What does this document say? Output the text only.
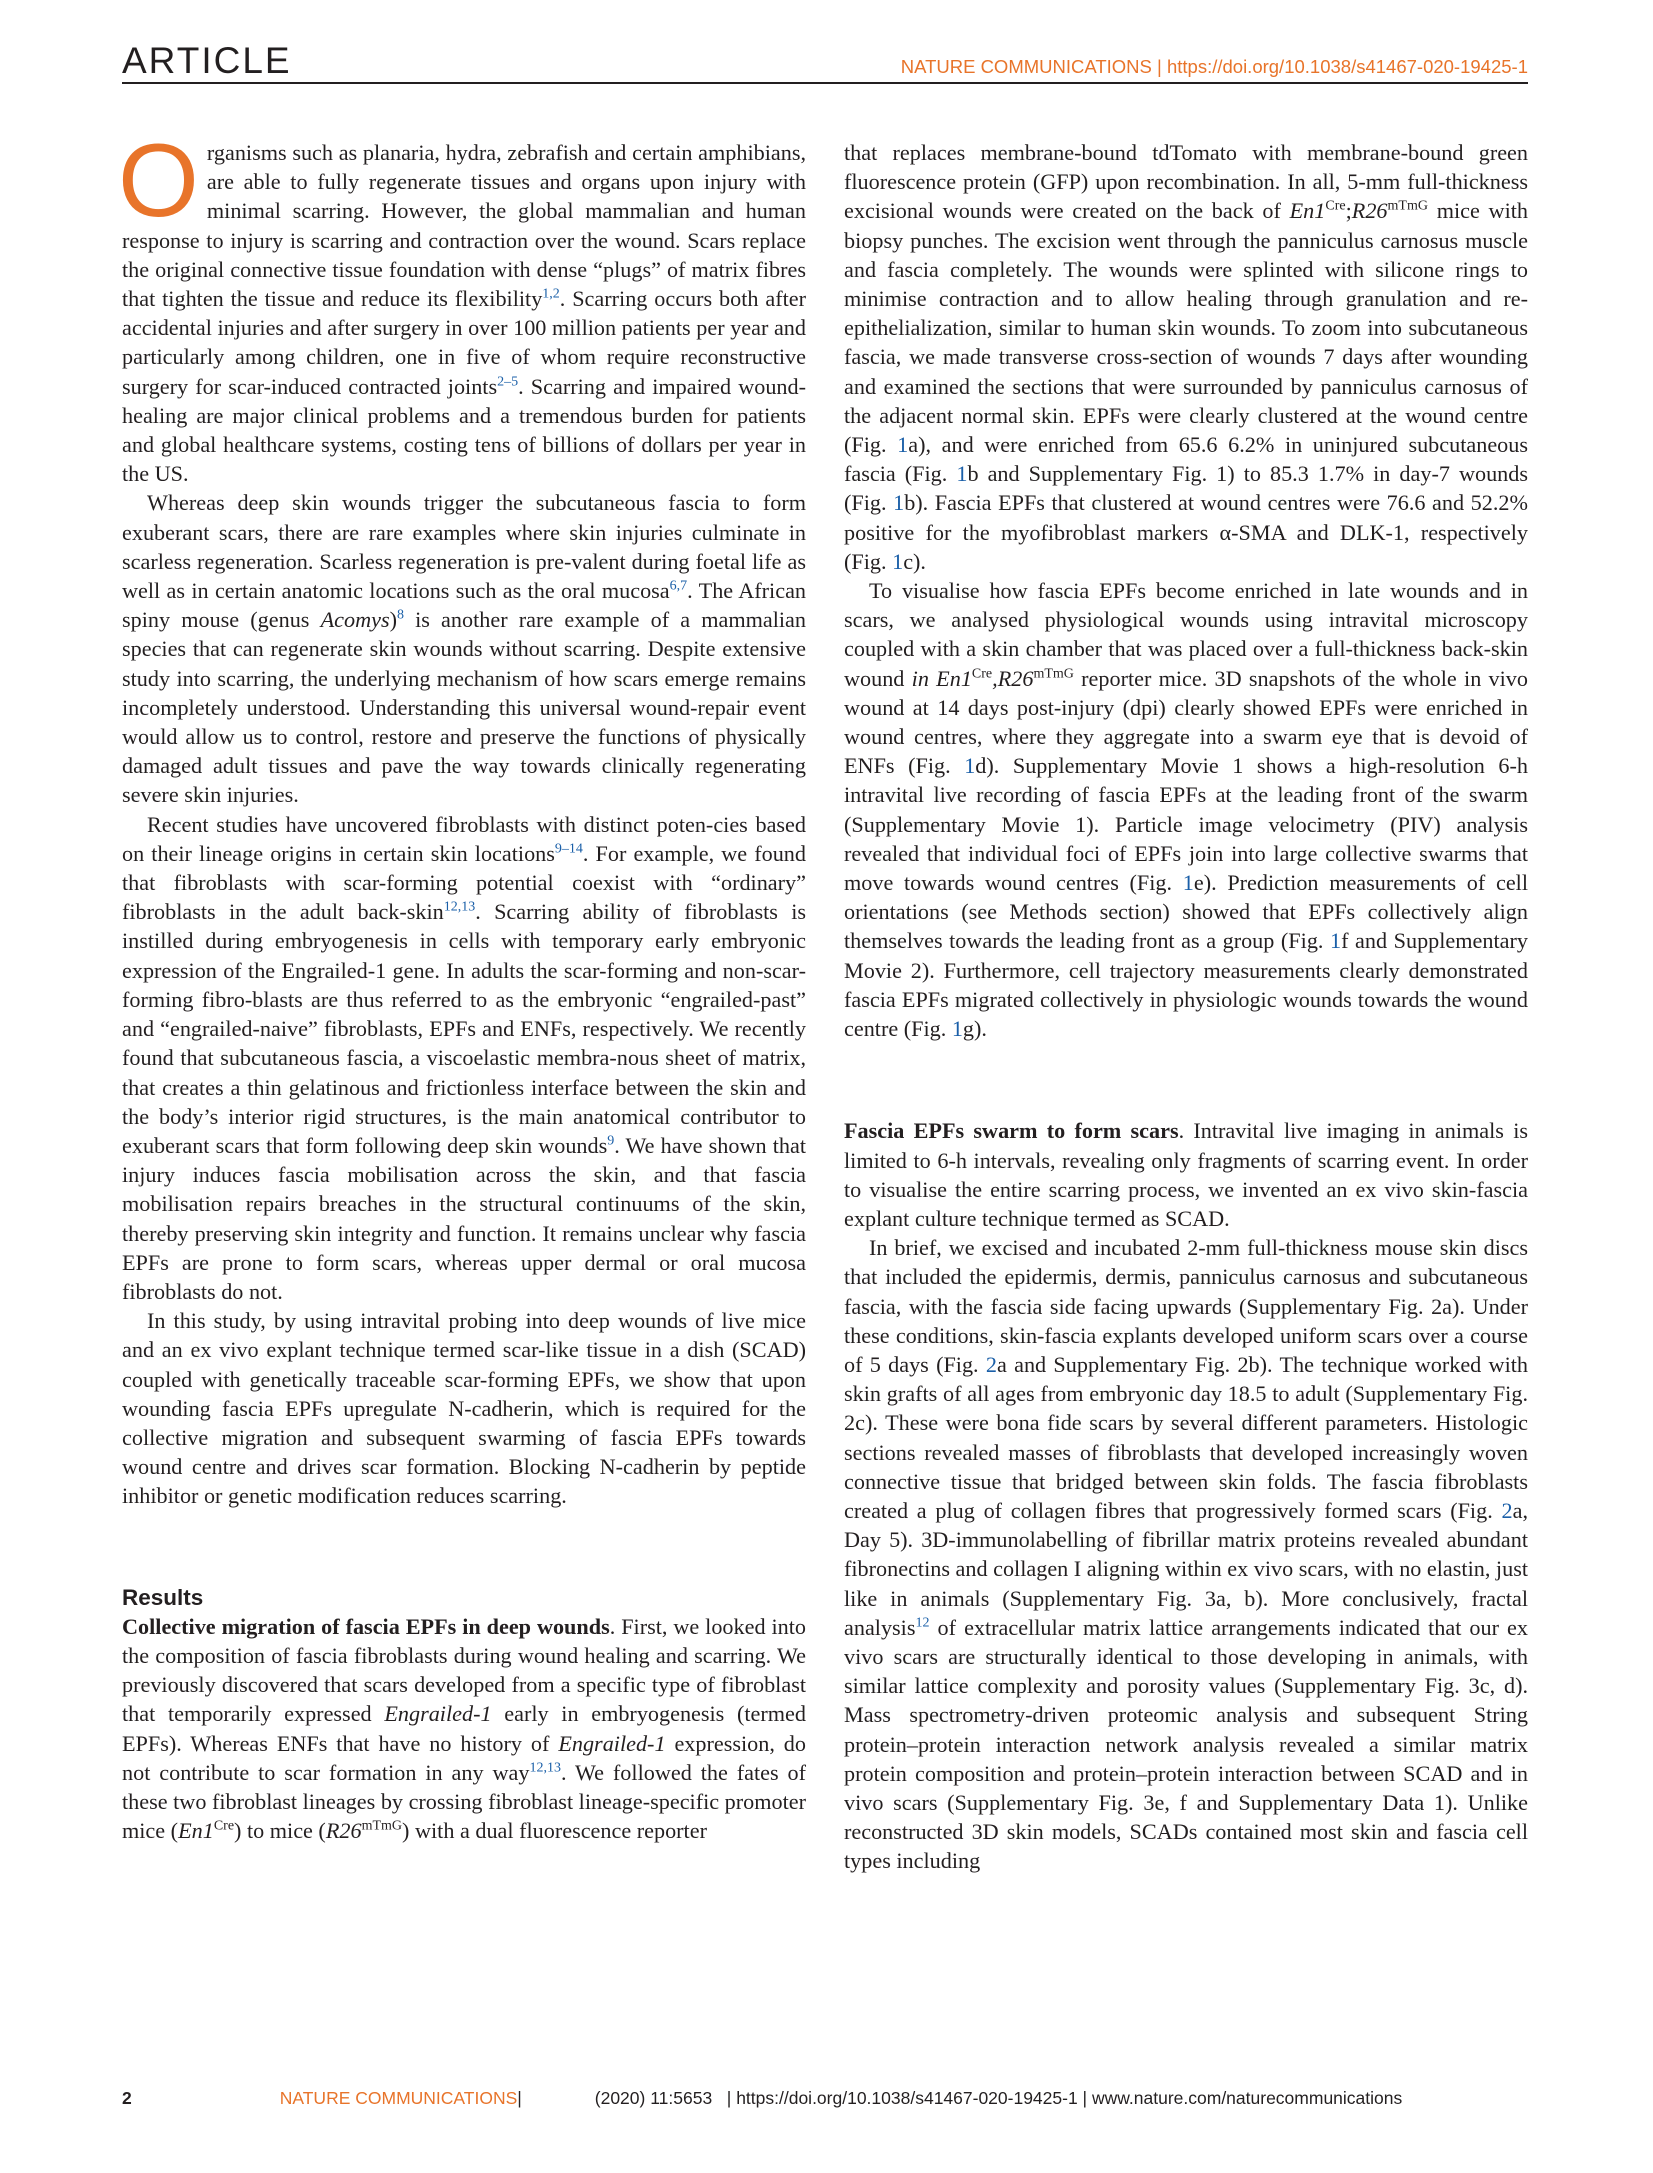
ARTICLE	NATURE COMMUNICATIONS | https://doi.org/10.1038/s41467-020-19425-1

Organisms such as planaria, hydra, zebrafish and certain amphibians, are able to fully regenerate tissues and organs upon injury with minimal scarring. However, the global mammalian and human response to injury is scarring and contraction over the wound. Scars replace the original connective tissue foundation with dense “plugs” of matrix fibres that tighten the tissue and reduce its flexibility$^{1,2}$. Scarring occurs both after accidental injuries and after surgery in over 100 million patients per year and particularly among children, one in five of whom require reconstructive surgery for scar-induced contracted joints$^{2-5}$. Scarring and impaired wound-healing are major clinical problems and a tremendous burden for patients and global healthcare systems, costing tens of billions of dollars per year in the US.

Whereas deep skin wounds trigger the subcutaneous fascia to form exuberant scars, there are rare examples where skin injuries culminate in scarless regeneration. Scarless regeneration is pre-valent during foetal life as well as in certain anatomic locations such as the oral mucosa$^{6,7}$. The African spiny mouse (genus Acomys)$^8$ is another rare example of a mammalian species that can regenerate skin wounds without scarring. Despite extensive study into scarring, the underlying mechanism of how scars emerge remains incompletely understood. Understanding this universal wound-repair event would allow us to control, restore and preserve the functions of physically damaged adult tissues and pave the way towards clinically regenerating severe skin injuries.

Recent studies have uncovered fibroblasts with distinct poten-cies based on their lineage origins in certain skin locations$^{9-14}$. For example, we found that fibroblasts with scar-forming potential coexist with “ordinary” fibroblasts in the adult back-skin$^{12,13}$. Scarring ability of fibroblasts is instilled during embryogenesis in cells with temporary early embryonic expression of the Engrailed-1 gene. In adults the scar-forming and non-scar-forming fibro-blasts are thus referred to as the embryonic “engrailed-past” and “engrailed-naive” fibroblasts, EPFs and ENFs, respectively. We recently found that subcutaneous fascia, a viscoelastic membra-nous sheet of matrix, that creates a thin gelatinous and frictionless interface between the skin and the body’s interior rigid structures, is the main anatomical contributor to exuberant scars that form following deep skin wounds$^9$. We have shown that injury induces fascia mobilisation across the skin, and that fascia mobilisation repairs breaches in the structural continuums of the skin, thereby preserving skin integrity and function. It remains unclear why fascia EPFs are prone to form scars, whereas upper dermal or oral mucosa fibroblasts do not.

In this study, by using intravital probing into deep wounds of live mice and an ex vivo explant technique termed scar-like tissue in a dish (SCAD) coupled with genetically traceable scar-forming EPFs, we show that upon wounding fascia EPFs upregulate N-cadherin, which is required for the collective migration and subsequent swarming of fascia EPFs towards wound centre and drives scar formation. Blocking N-cadherin by peptide inhibitor or genetic modification reduces scarring.

Results

Collective migration of fascia EPFs in deep wounds. First, we looked into the composition of fascia fibroblasts during wound healing and scarring. We previously discovered that scars developed from a specific type of fibroblast that temporarily expressed Engrailed-1 early in embryogenesis (termed EPFs). Whereas ENFs that have no history of Engrailed-1 expression, do not contribute to scar formation in any way$^{12,13}$. We followed the fates of these two fibroblast lineages by crossing fibroblast lineage-specific promoter mice $(En1^{Cre})$ to mice $(R26^{mTmG})$ with a dual fluorescence reporter

that replaces membrane-bound tdTomato with membrane-bound green fluorescence protein (GFP) upon recombination. In all, 5-mm full-thickness excisional wounds were created on the back of $En1^{Cre};R26^{mTmG}$ mice with biopsy punches. The excision went through the panniculus carnosus muscle and fascia completely. The wounds were splinted with silicone rings to minimise contraction and to allow healing through granulation and re-epithelialization, similar to human skin wounds. To zoom into subcutaneous fascia, we made transverse cross-section of wounds 7 days after wounding and examined the sections that were surrounded by panniculus carnosus of the adjacent normal skin. EPFs were clearly clustered at the wound centre (Fig. 1a), and were enriched from 65.6 6.2% in uninjured subcutaneous fascia (Fig. 1b and Supplementary Fig. 1) to 85.3 1.7% in day-7 wounds (Fig. 1b). Fascia EPFs that clustered at wound centres were 76.6 and 52.2% positive for the myofibroblast markers α-SMA and DLK-1, respectively (Fig. 1c).

To visualise how fascia EPFs become enriched in late wounds and in scars, we analysed physiological wounds using intravital microscopy coupled with a skin chamber that was placed over a full-thickness back-skin wound in $En1^{Cre},R26^{mTmG}$ reporter mice. 3D snapshots of the whole in vivo wound at 14 days post-injury (dpi) clearly showed EPFs were enriched in wound centres, where they aggregate into a swarm eye that is devoid of ENFs (Fig. 1d). Supplementary Movie 1 shows a high-resolution 6-h intravital live recording of fascia EPFs at the leading front of the swarm (Supplementary Movie 1). Particle image velocimetry (PIV) analysis revealed that individual foci of EPFs join into large collective swarms that move towards wound centres (Fig. 1e). Prediction measurements of cell orientations (see Methods section) showed that EPFs collectively align themselves towards the leading front as a group (Fig. 1f and Supplementary Movie 2). Furthermore, cell trajectory measurements clearly demonstrated fascia EPFs migrated collectively in physiologic wounds towards the wound centre (Fig. 1g).

Fascia EPFs swarm to form scars. Intravital live imaging in animals is limited to 6-h intervals, revealing only fragments of scarring event. In order to visualise the entire scarring process, we invented an ex vivo skin-fascia explant culture technique termed as SCAD.

In brief, we excised and incubated 2-mm full-thickness mouse skin discs that included the epidermis, dermis, panniculus carnosus and subcutaneous fascia, with the fascia side facing upwards (Supplementary Fig. 2a). Under these conditions, skin-fascia explants developed uniform scars over a course of 5 days (Fig. 2a and Supplementary Fig. 2b). The technique worked with skin grafts of all ages from embryonic day 18.5 to adult (Supplementary Fig. 2c). These were bona fide scars by several different parameters. Histologic sections revealed masses of fibroblasts that developed increasingly woven connective tissue that bridged between skin folds. The fascia fibroblasts created a plug of collagen fibres that progressively formed scars (Fig. 2a, Day 5). 3D-immunolabelling of fibrillar matrix proteins revealed abundant fibronectins and collagen I aligning within ex vivo scars, with no elastin, just like in animals (Supplementary Fig. 3a, b). More conclusively, fractal analysis$^{12}$ of extracellular matrix lattice arrangements indicated that our ex vivo scars are structurally identical to those developing in animals, with similar lattice complexity and porosity values (Supplementary Fig. 3c, d). Mass spectrometry-driven proteomic analysis and subsequent String protein–protein interaction network analysis revealed a similar matrix protein composition and protein–protein interaction between SCAD and in vivo scars (Supplementary Fig. 3e, f and Supplementary Data 1). Unlike reconstructed 3D skin models, SCADs contained most skin and fascia cell types including

2	NATURE COMMUNICATIONS|	(2020) 11:5653 | https://doi.org/10.1038/s41467-020-19425-1 | www.nature.com/naturecommunications
